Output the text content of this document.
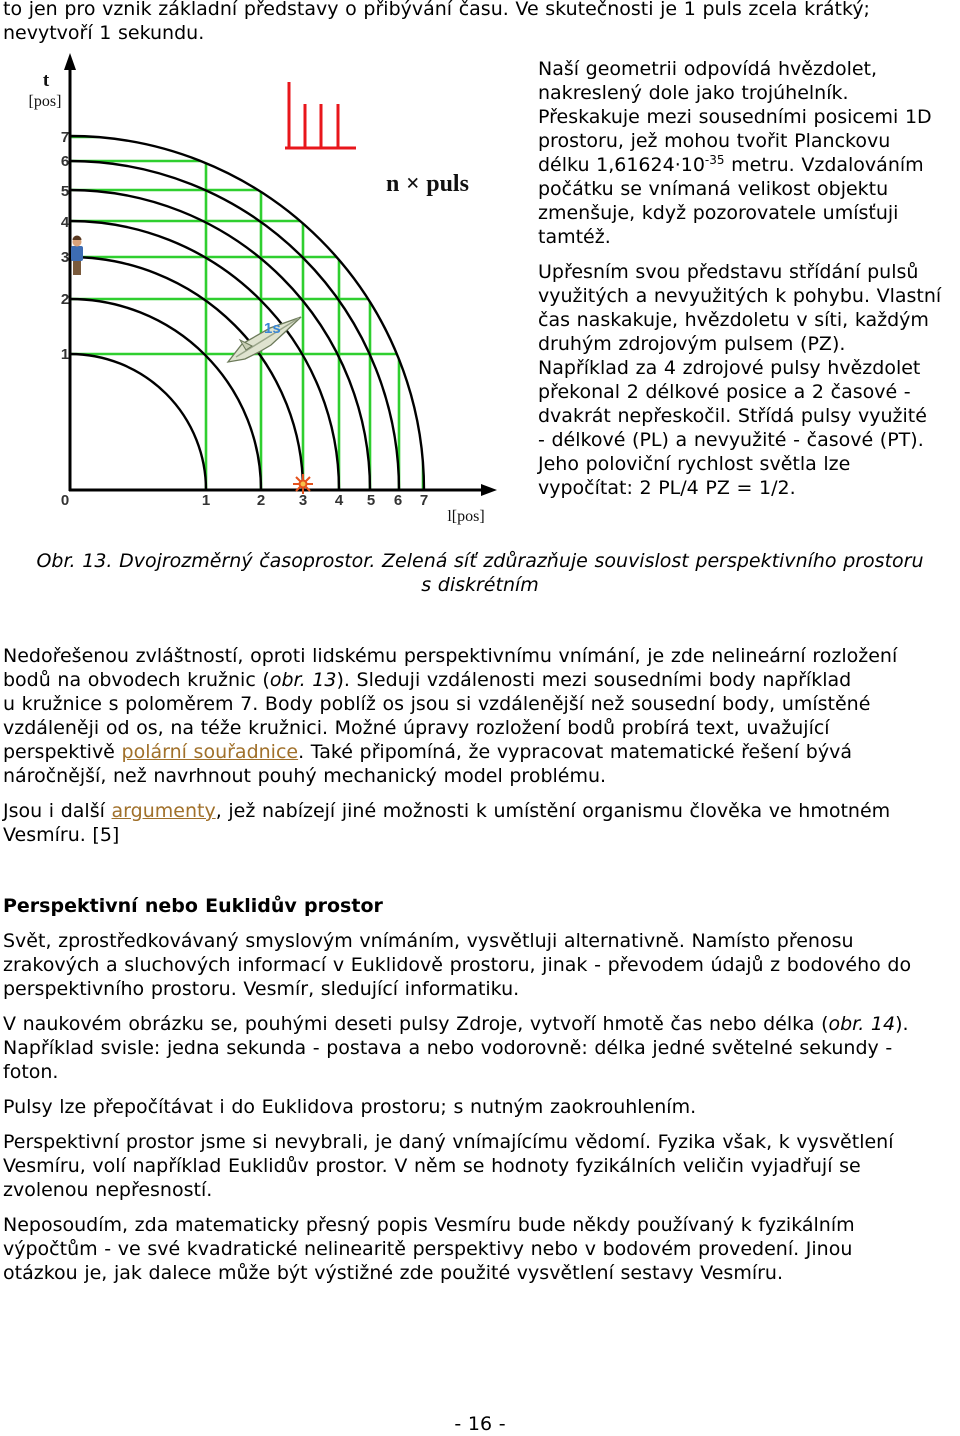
to jen pro vznik základní představy o přibývání času. Ve skutečnosti je 1 puls zcela krátký;
nevytvoří 1 sekundu.
n × puls
t
[pos]
l[pos]
1
2
3
4
5
6
7
0	1	2 3 4 5 6 7
1s
Naší geometrii odpovídá hvězdolet,
nakreslený dole jako trojúhelník.
Přeskakuje mezi sousedními posicemi 1D
prostoru, jež mohou tvořit Planckovu
délku $1,61624\cdot 10^{-35}$ metru. Vzdalováním
počátku se vnímaná velikost objektu
zmenšuje, když pozorovatele umísťuji
tamtéž.
Upřesním svou představu střídání pulsů
využitých a nevyužitých k pohybu. Vlastní
čas naskakuje, hvězdoletu v síti, každým
druhým zdrojovým pulsem (PZ).
Například za 4 zdrojové pulsy hvězdolet
překonal 2 délkové posice a 2 časové -
dvakrát nepřeskočil. Střídá pulsy využité
- délkové (PL) a nevyužité - časové (PT).
Jeho poloviční rychlost světla lze
vypočítat: 2 PL/4 PZ = 1/2.
Obr. 13. Dvojrozměrný časoprostor. Zelená síť zdůrazňuje souvislost perspektivního prostoru
s diskrétním
Nedořešenou zvláštností, oproti lidskému perspektivnímu vnímání, je zde nelineární rozložení
bodů na obvodech kružnic (obr. 13). Sleduji vzdálenosti mezi sousedními body například
u kružnice s poloměrem 7. Body poblíž os jsou si vzdálenější než sousední body, umístěné
vzdáleněji od os, na téže kružnici. Možné úpravy rozložení bodů probírá text, uvažující
perspektivě polární souřadnice. Také připomíná, že vypracovat matematické řešení bývá
náročnější, než navrhnout pouhý mechanický model problému.
Jsou i další argumenty, jež nabízejí jiné možnosti k umístění organismu člověka ve hmotném
Vesmíru. [5]
Perspektivní nebo Euklidův prostor
Svět, zprostředkovávaný smyslovým vnímáním, vysvětluji alternativně. Namísto přenosu
zrakových a sluchových informací v Euklidově prostoru, jinak - převodem údajů z bodového do
perspektivního prostoru. Vesmír, sledující informatiku.
V naukovém obrázku se, pouhými deseti pulsy Zdroje, vytvoří hmotě čas nebo délka (obr. 14).
Například svisle: jedna sekunda - postava a nebo vodorovně: délka jedné světelné sekundy -
foton.
Pulsy lze přepočítávat i do Euklidova prostoru; s nutným zaokrouhlením.
Perspektivní prostor jsme si nevybrali, je daný vnímajícímu vědomí. Fyzika však, k vysvětlení
Vesmíru, volí například Euklidův prostor. V něm se hodnoty fyzikálních veličin vyjadřují se
zvolenou nepřesností.
Neposoudím, zda matematicky přesný popis Vesmíru bude někdy používaný k fyzikálním
výpočtům - ve své kvadratické nelinearitě perspektivy nebo v bodovém provedení. Jinou
otázkou je, jak dalece může být výstižné zde použité vysvětlení sestavy Vesmíru.
- 16 -
